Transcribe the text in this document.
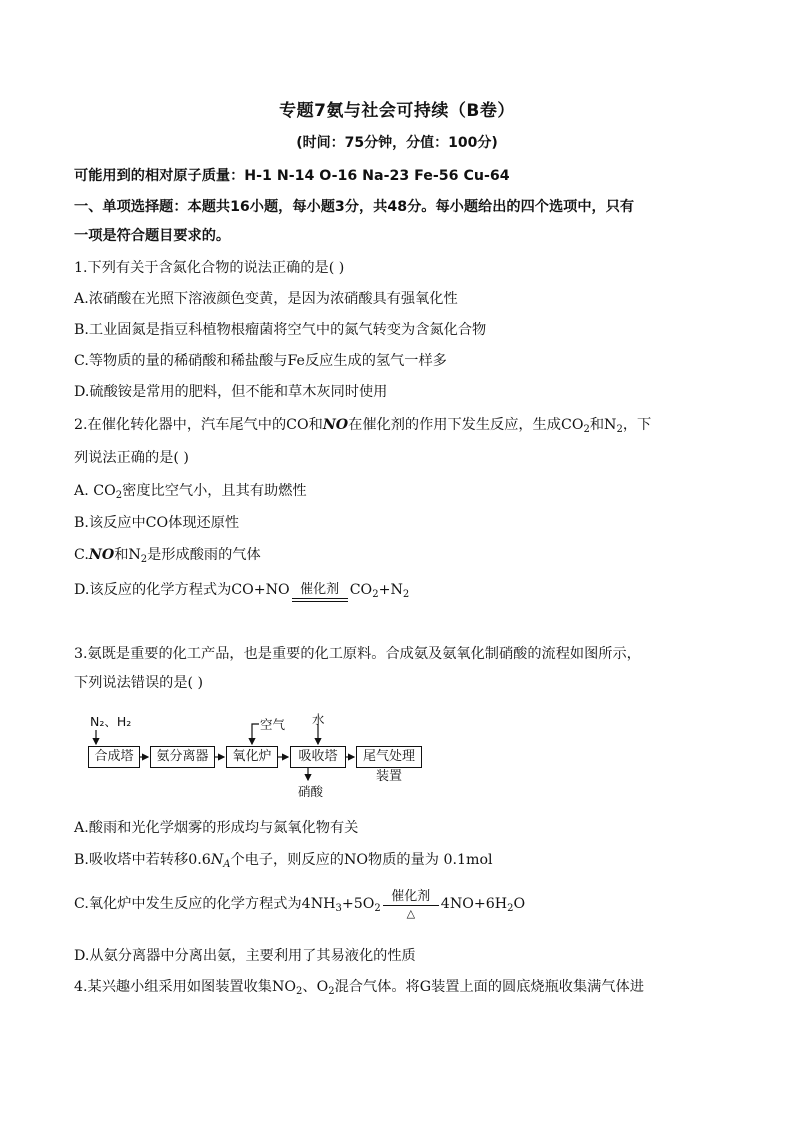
专题7氨与社会可持续（B卷）
(时间：75分钟，分值：100分)
可能用到的相对原子质量：H-1 N-14 O-16 Na-23 Fe-56 Cu-64
一、单项选择题：本题共16小题，每小题3分，共48分。每小题给出的四个选项中，只有
一项是符合题目要求的。
1.下列有关于含氮化合物的说法正确的是( )
A.浓硝酸在光照下溶液颜色变黄，是因为浓硝酸具有强氧化性
B.工业固氮是指豆科植物根瘤菌将空气中的氮气转变为含氮化合物
C.等物质的量的稀硝酸和稀盐酸与Fe反应生成的氢气一样多
D.硫酸铵是常用的肥料，但不能和草木灰同时使用
2.在催化转化器中，汽车尾气中的CO和NO在催化剂的作用下发生反应，生成$CO_2$和$N_2$，下
列说法正确的是( )
A. $CO_2$密度比空气小，且其有助燃性
B.该反应中CO体现还原性
C.NO和$N_2$是形成酸雨的气体
D.该反应的化学方程式为CO+NO 催化剂 $CO_2+N_2$
3.氨既是重要的化工产品，也是重要的化工原料。合成氨及氨氧化制硝酸的流程如图所示，
下列说法错误的是( )
N₂、H₂
合成塔	氨分离器	氧化炉	吸收塔	尾气处理装置
空气 水
硝酸
A.酸雨和光化学烟雾的形成均与氮氧化物有关
B.吸收塔中若转移$0.6N_A$个电子，则反应的NO物质的量为 0.1mol
C.氧化炉中发生反应的化学方程式为$4NH_3+5O_2$
催化剂
△
$4NO+6H_2O$
D.从氨分离器中分离出氨，主要利用了其易液化的性质
4.某兴趣小组采用如图装置收集$NO_2$、$O_2$混合气体。将G装置上面的圆底烧瓶收集满气体进
